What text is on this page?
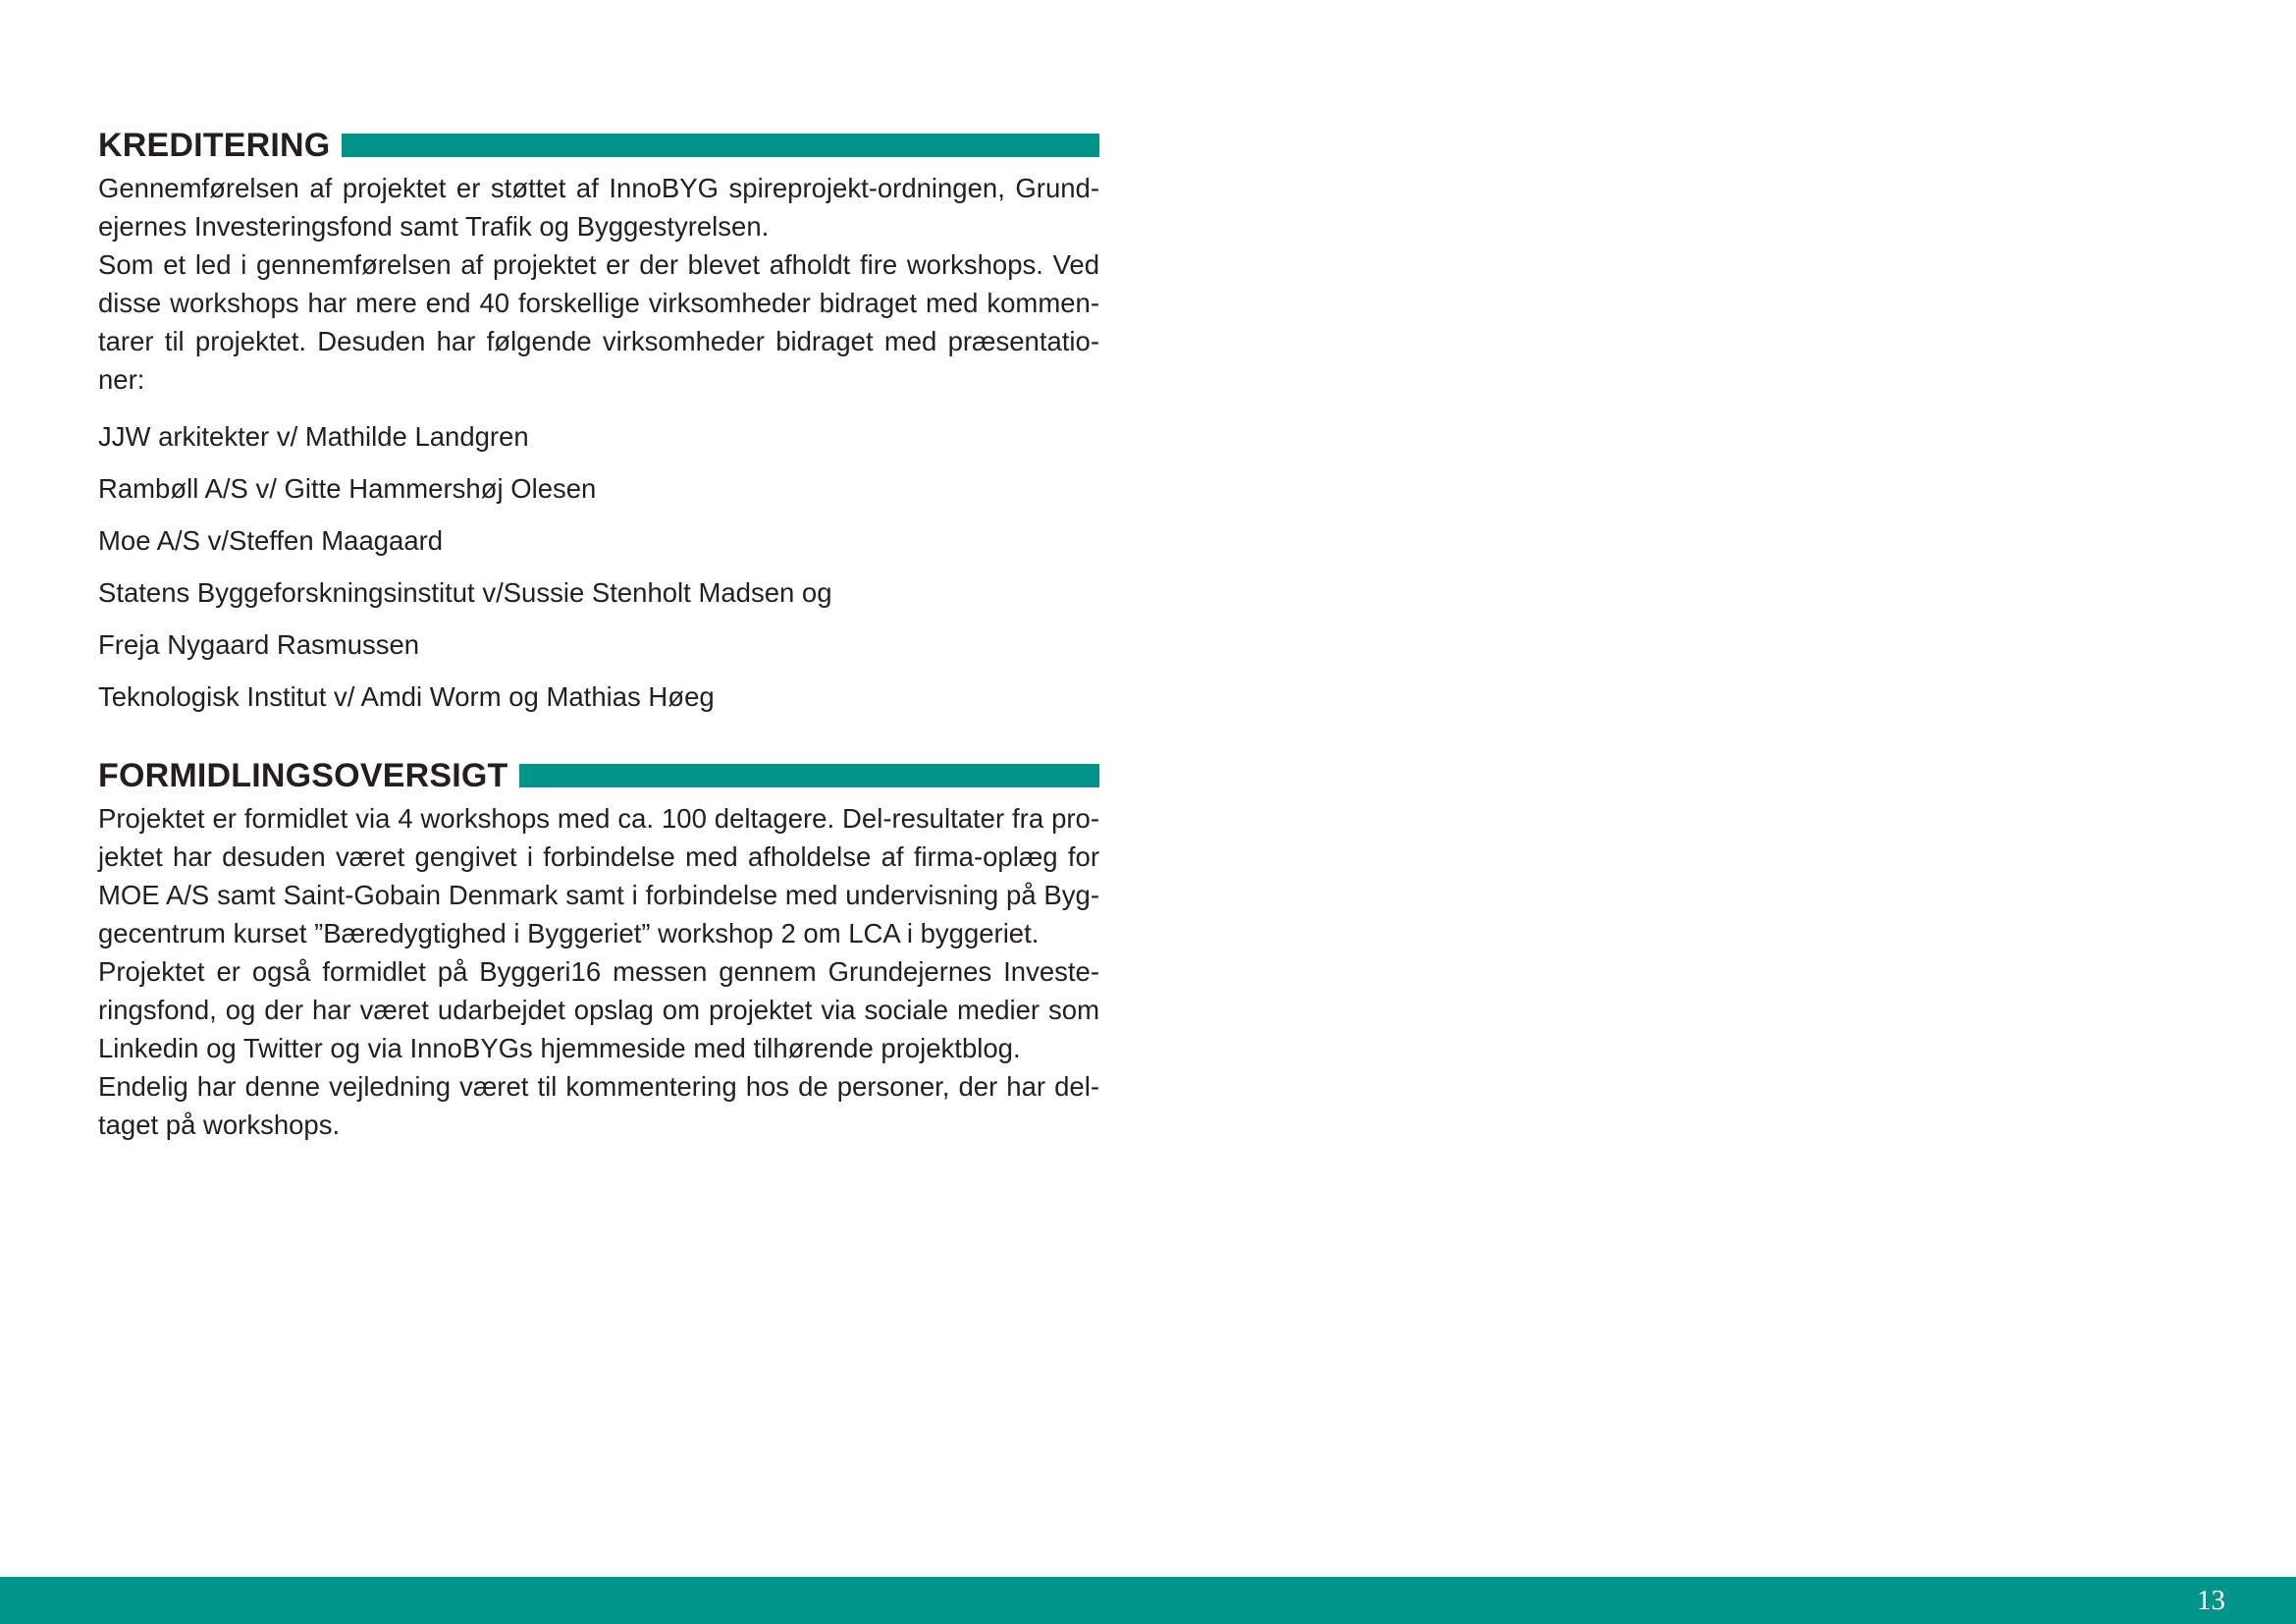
KREDITERING

Gennemførelsen af projektet er støttet af InnoBYG spireprojekt-ordningen, Grundejernes Investeringsfond samt Trafik og Byggestyrelsen.

Som et led i gennemførelsen af projektet er der blevet afholdt fire workshops. Ved disse workshops har mere end 40 forskellige virksomheder bidraget med kommentarer til projektet. Desuden har følgende virksomheder bidraget med præsentationer:

JJW arkitekter v/ Mathilde Landgren
Rambøll A/S v/ Gitte Hammershøj Olesen
Moe A/S v/Steffen Maagaard
Statens Byggeforskningsinstitut v/Sussie Stenholt Madsen og
Freja Nygaard Rasmussen
Teknologisk Institut v/ Amdi Worm og Mathias Høeg
FORMIDLINGSOVERSIGT

Projektet er formidlet via 4 workshops med ca. 100 deltagere. Del-resultater fra projektet har desuden været gengivet i forbindelse med afholdelse af firma-oplæg for MOE A/S samt Saint-Gobain Denmark samt i forbindelse med undervisning på Byggecentrum kurset ”Bæredygtighed i Byggeriet” workshop 2 om LCA i byggeriet.

Projektet er også formidlet på Byggeri16 messen gennem Grundejernes Investeringsfond, og der har været udarbejdet opslag om projektet via sociale medier som Linkedin og Twitter og via InnoBYGs hjemmeside med tilhørende projektblog.

Endelig har denne vejledning været til kommentering hos de personer, der har deltaget på workshops.

13
